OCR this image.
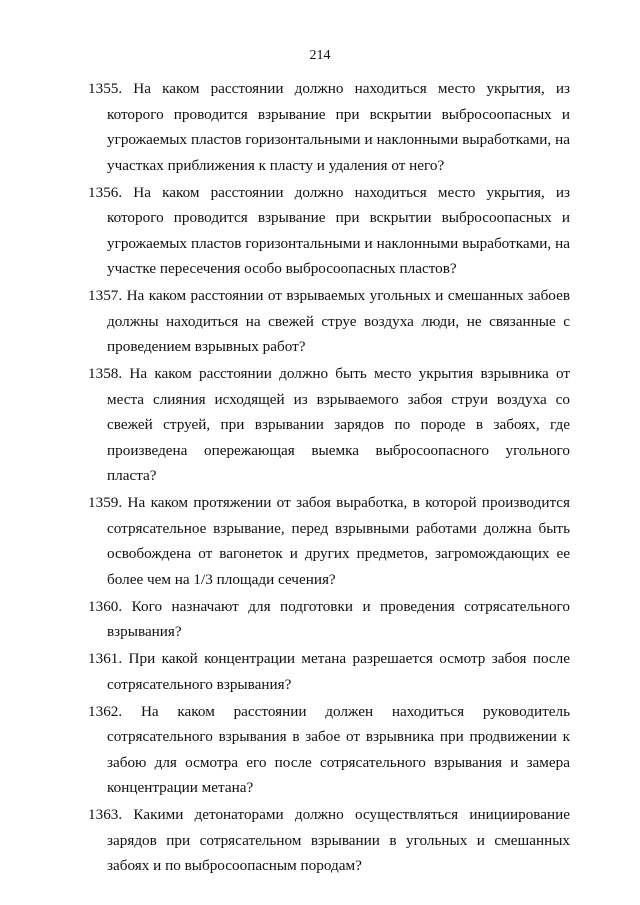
214

1355. На каком расстоянии должно находиться место укрытия, из которого проводится взрывание при вскрытии выбросоопасных и угрожаемых пластов горизонтальными и наклонными выработками, на участках приближения к пласту и удаления от него?

1356. На каком расстоянии должно находиться место укрытия, из которого проводится взрывание при вскрытии выбросоопасных и угрожаемых пластов горизонтальными и наклонными выработками, на участке пересечения особо выбросоопасных пластов?

1357. На каком расстоянии от взрываемых угольных и смешанных забоев должны находиться на свежей струе воздуха люди, не связанные с проведением взрывных работ?

1358. На каком расстоянии должно быть место укрытия взрывника от места слияния исходящей из взрываемого забоя струи воздуха со свежей струей, при взрывании зарядов по породе в забоях, где произведена опережающая выемка выбросоопасного угольного пласта?

1359. На каком протяжении от забоя выработка, в которой производится сотрясательное взрывание, перед взрывными работами должна быть освобождена от вагонеток и других предметов, загромождающих ее более чем на 1/3 площади сечения?

1360. Кого назначают для подготовки и проведения сотрясательного взрывания?

1361. При какой концентрации метана разрешается осмотр забоя после сотрясательного взрывания?

1362. На каком расстоянии должен находиться руководитель сотрясательного взрывания в забое от взрывника при продвижении к забою для осмотра его после сотрясательного взрывания и замера концентрации метана?

1363. Какими детонаторами должно осуществляться инициирование зарядов при сотрясательном взрывании в угольных и смешанных забоях и по выбросоопасным породам?
